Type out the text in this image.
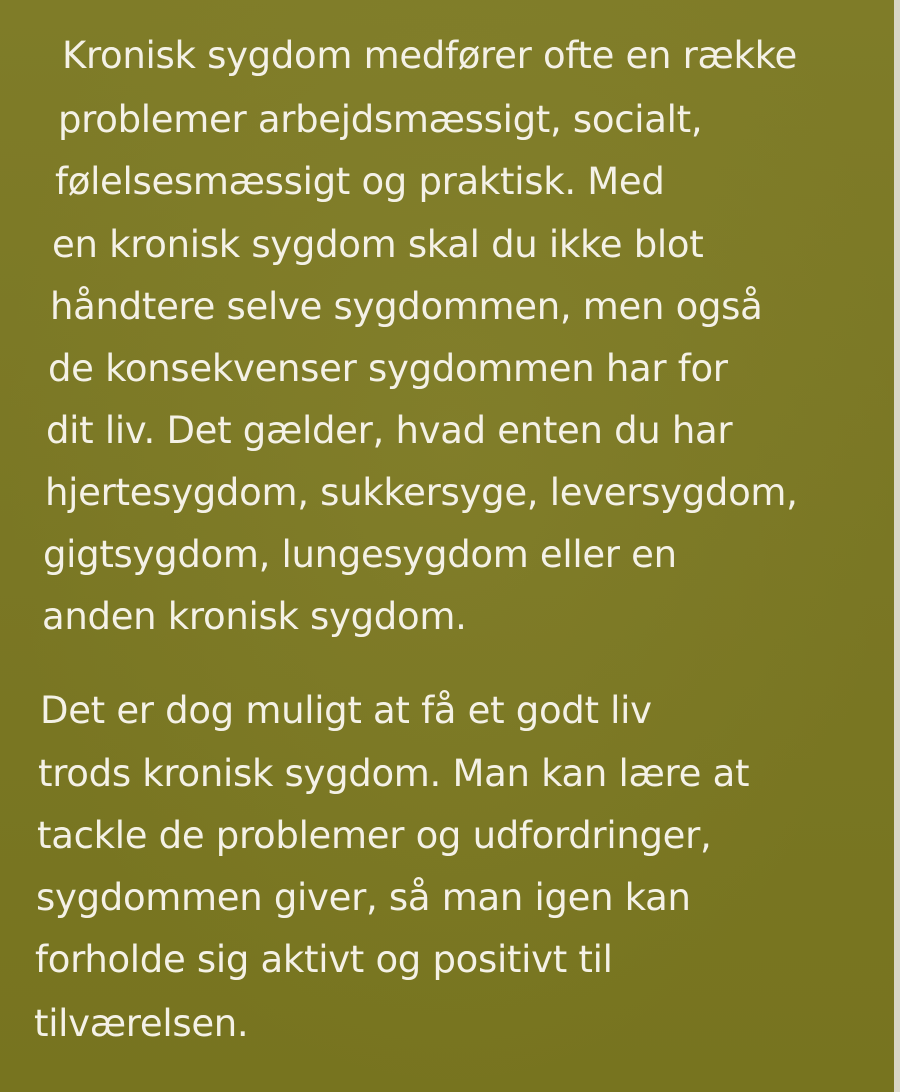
Kronisk sygdom medfører ofte en række
problemer arbejdsmæssigt, socialt,
følelsesmæssigt og praktisk. Med
en kronisk sygdom skal du ikke blot
håndtere selve sygdommen, men også
de konsekvenser sygdommen har for
dit liv. Det gælder, hvad enten du har
hjertesygdom, sukkersyge, leversygdom,
gigtsygdom, lungesygdom eller en
anden kronisk sygdom.
Det er dog muligt at få et godt liv
trods kronisk sygdom. Man kan lære at
tackle de problemer og udfordringer,
sygdommen giver, så man igen kan
forholde sig aktivt og positivt til
tilværelsen.
